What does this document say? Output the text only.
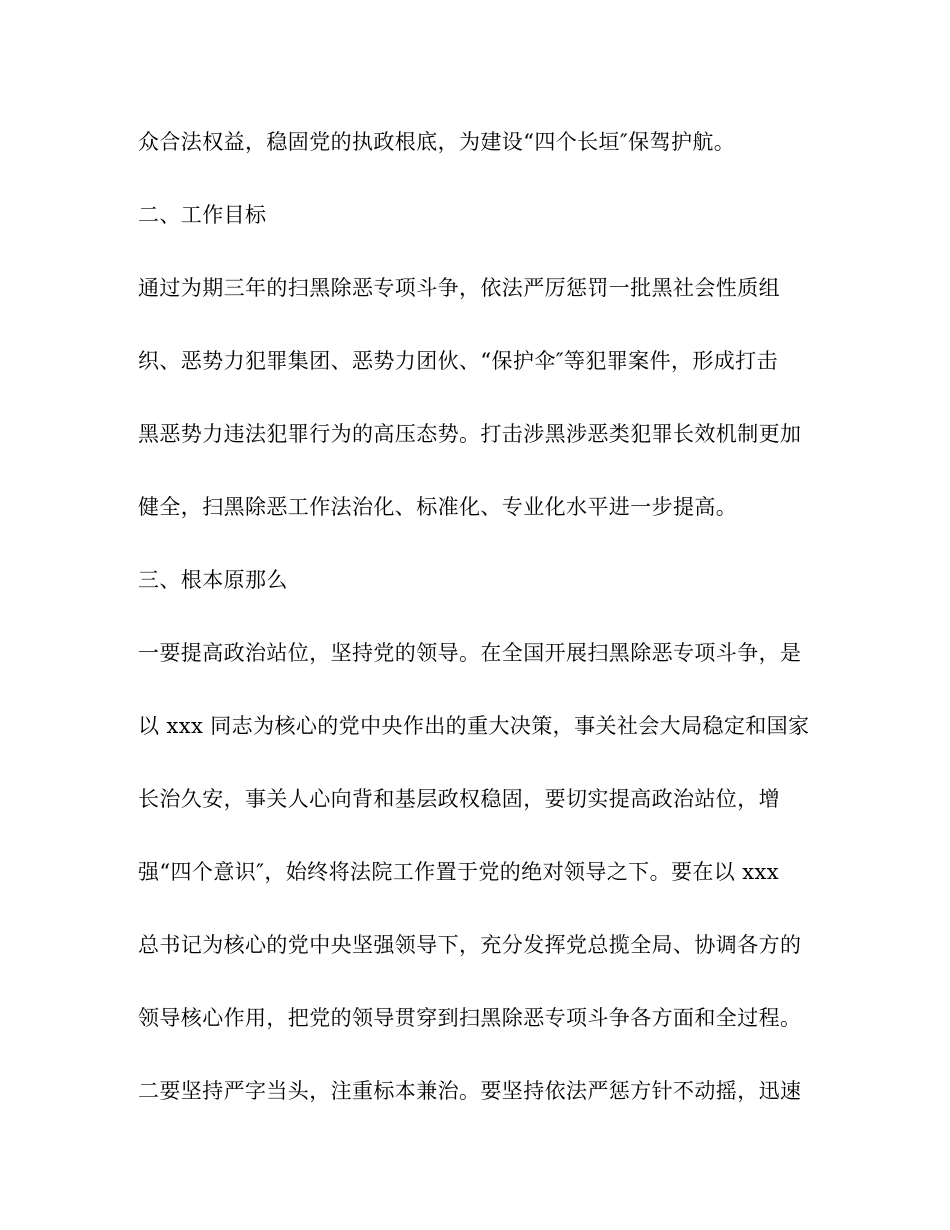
众合法权益，稳固党的执政根底，为建设“四个长垣″保驾护航。
二、工作目标
通过为期三年的扫黑除恶专项斗争，依法严厉惩罚一批黑社会性质组
织、恶势力犯罪集团、恶势力团伙、“保护伞″等犯罪案件，形成打击
黑恶势力违法犯罪行为的高压态势。打击涉黑涉恶类犯罪长效机制更加
健全，扫黑除恶工作法治化、标准化、专业化水平进一步提高。
三、根本原那么
一要提高政治站位，坚持党的领导。在全国开展扫黑除恶专项斗争，是
以 xxx 同志为核心的党中央作出的重大决策，事关社会大局稳定和国家
长治久安，事关人心向背和基层政权稳固，要切实提高政治站位，增
强“四个意识″，始终将法院工作置于党的绝对领导之下。要在以 xxx
总书记为核心的党中央坚强领导下，充分发挥党总揽全局、协调各方的
领导核心作用，把党的领导贯穿到扫黑除恶专项斗争各方面和全过程。
二要坚持严字当头，注重标本兼治。要坚持依法严惩方针不动摇，迅速
